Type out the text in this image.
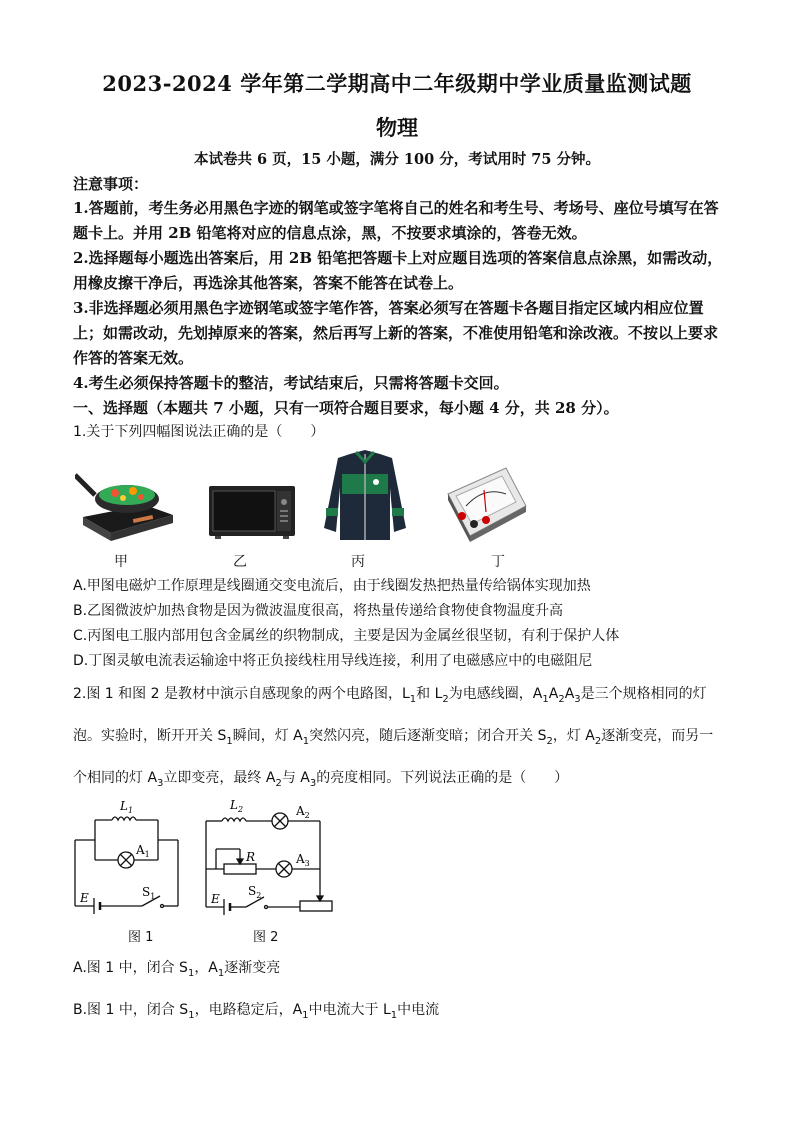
2023-2024 学年第二学期高中二年级期中学业质量监测试题
物理
本试卷共 6 页，15 小题，满分 100 分，考试用时 75 分钟。
注意事项：
1.答题前，考生务必用黑色字迹的钢笔或签字笔将自己的姓名和考生号、考场号、座位号填写在答题卡上。并用 2B 铅笔将对应的信息点涂，黑，不按要求填涂的，答卷无效。
2.选择题每小题选出答案后，用 2B 铅笔把答题卡上对应题目选项的答案信息点涂黑，如需改动，用橡皮擦干净后，再选涂其他答案，答案不能答在试卷上。
3.非选择题必须用黑色字迹钢笔或签字笔作答，答案必须写在答题卡各题目指定区域内相应位置上；如需改动，先划掉原来的答案，然后再写上新的答案，不准使用铅笔和涂改液。不按以上要求作答的答案无效。
4.考生必须保持答题卡的整洁，考试结束后，只需将答题卡交回。
一、选择题（本题共 7 小题，只有一项符合题目要求，每小题 4 分，共 28 分）。
1.关于下列四幅图说法正确的是（　　）
甲	乙	丙	丁
A.甲图电磁炉工作原理是线圈通交变电流后，由于线圈发热把热量传给锅体实现加热
B.乙图微波炉加热食物是因为微波温度很高，将热量传递给食物使食物温度升高
C.丙图电工服内部用包含金属丝的织物制成，主要是因为金属丝很坚韧，有利于保护人体
D.丁图灵敏电流表运输途中将正负接线柱用导线连接，利用了电磁感应中的电磁阻尼
2.图 1 和图 2 是教材中演示自感现象的两个电路图，$L_1$和 $L_2$为电感线圈，$A_1A_2A_3$是三个规格相同的灯
泡。实验时，断开开关 $S_1$瞬间，灯 $A_1$突然闪亮，随后逐渐变暗；闭合开关 $S_2$，灯 $A_2$逐渐变亮，而另一
个相同的灯 $A_3$立即变亮，最终 $A_2$与 $A_3$的亮度相同。下列说法正确的是（　　）
$L_1$
$A_1$
E	$S_1$
图 1
$L_2$	$A_2$
R	$A_3$
E
$S_2$
图 2
A.图 1 中，闭合 $S_1$，$A_1$逐渐变亮
B.图 1 中，闭合 $S_1$，电路稳定后，$A_1$中电流大于 $L_1$中电流
